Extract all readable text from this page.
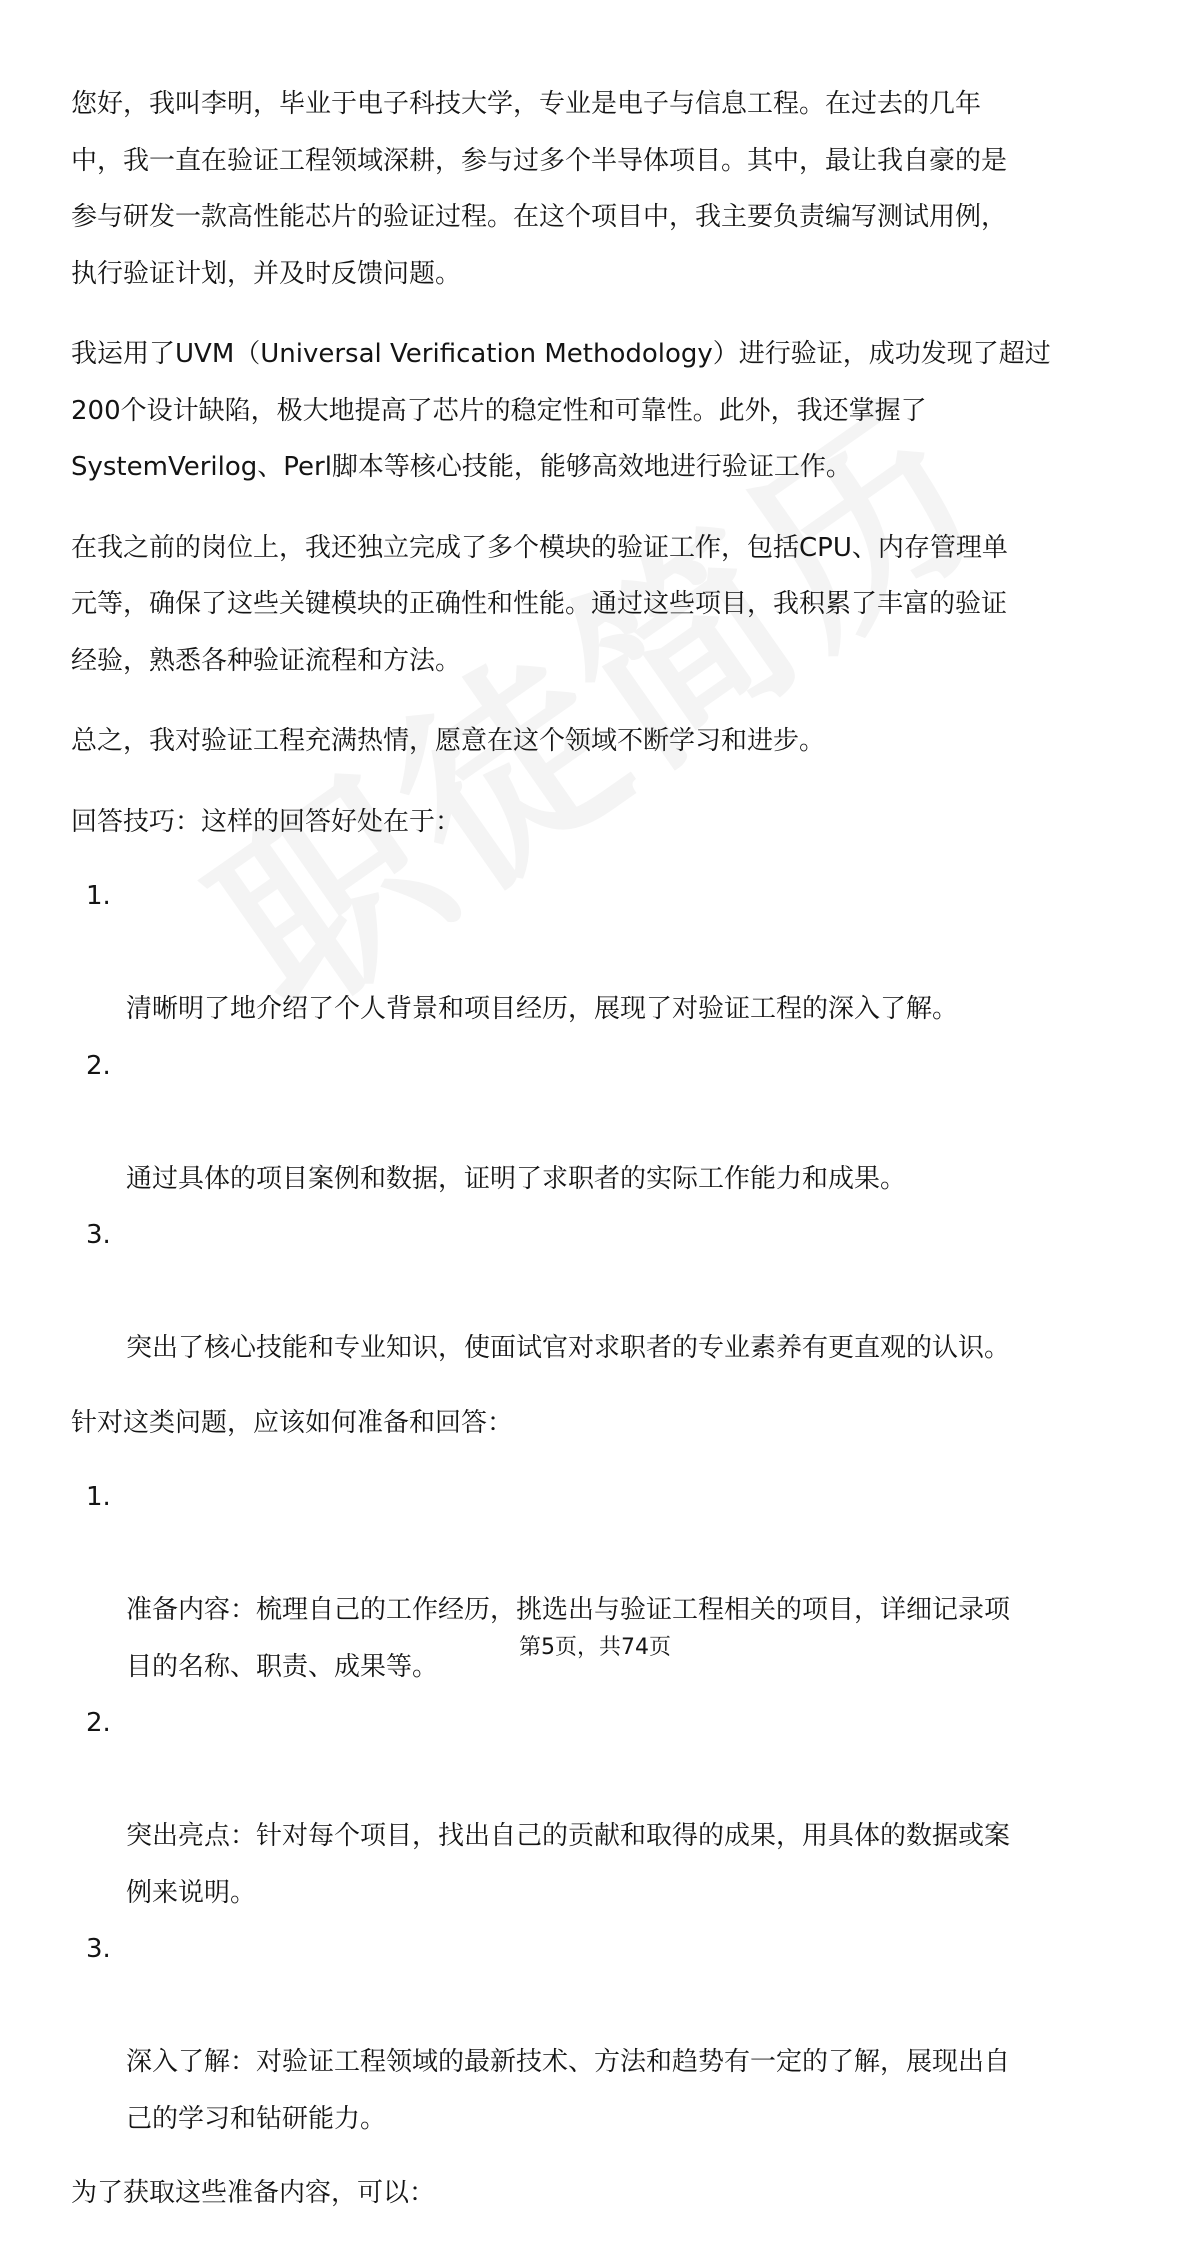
您好，我叫李明，毕业于电子科技大学，专业是电子与信息工程。在过去的几年
中，我一直在验证工程领域深耕，参与过多个半导体项目。其中，最让我自豪的是
参与研发一款高性能芯片的验证过程。在这个项目中，我主要负责编写测试用例，
执行验证计划，并及时反馈问题。

我运用了UVM（Universal Verification Methodology）进行验证，成功发现了超过
200个设计缺陷，极大地提高了芯片的稳定性和可靠性。此外，我还掌握了
SystemVerilog、Perl脚本等核心技能，能够高效地进行验证工作。

在我之前的岗位上，我还独立完成了多个模块的验证工作，包括CPU、内存管理单
元等，确保了这些关键模块的正确性和性能。通过这些项目，我积累了丰富的验证
经验，熟悉各种验证流程和方法。

总之，我对验证工程充满热情，愿意在这个领域不断学习和进步。

回答技巧：这样的回答好处在于：

1.

清晰明了地介绍了个人背景和项目经历，展现了对验证工程的深入了解。

2.

通过具体的项目案例和数据，证明了求职者的实际工作能力和成果。

3.

突出了核心技能和专业知识，使面试官对求职者的专业素养有更直观的认识。

针对这类问题，应该如何准备和回答：

1.

准备内容：梳理自己的工作经历，挑选出与验证工程相关的项目，详细记录项
目的名称、职责、成果等。

2.

突出亮点：针对每个项目，找出自己的贡献和取得的成果，用具体的数据或案
例来说明。

3.

深入了解：对验证工程领域的最新技术、方法和趋势有一定的了解，展现出自
己的学习和钻研能力。

为了获取这些准备内容，可以：

第5页，共74页
